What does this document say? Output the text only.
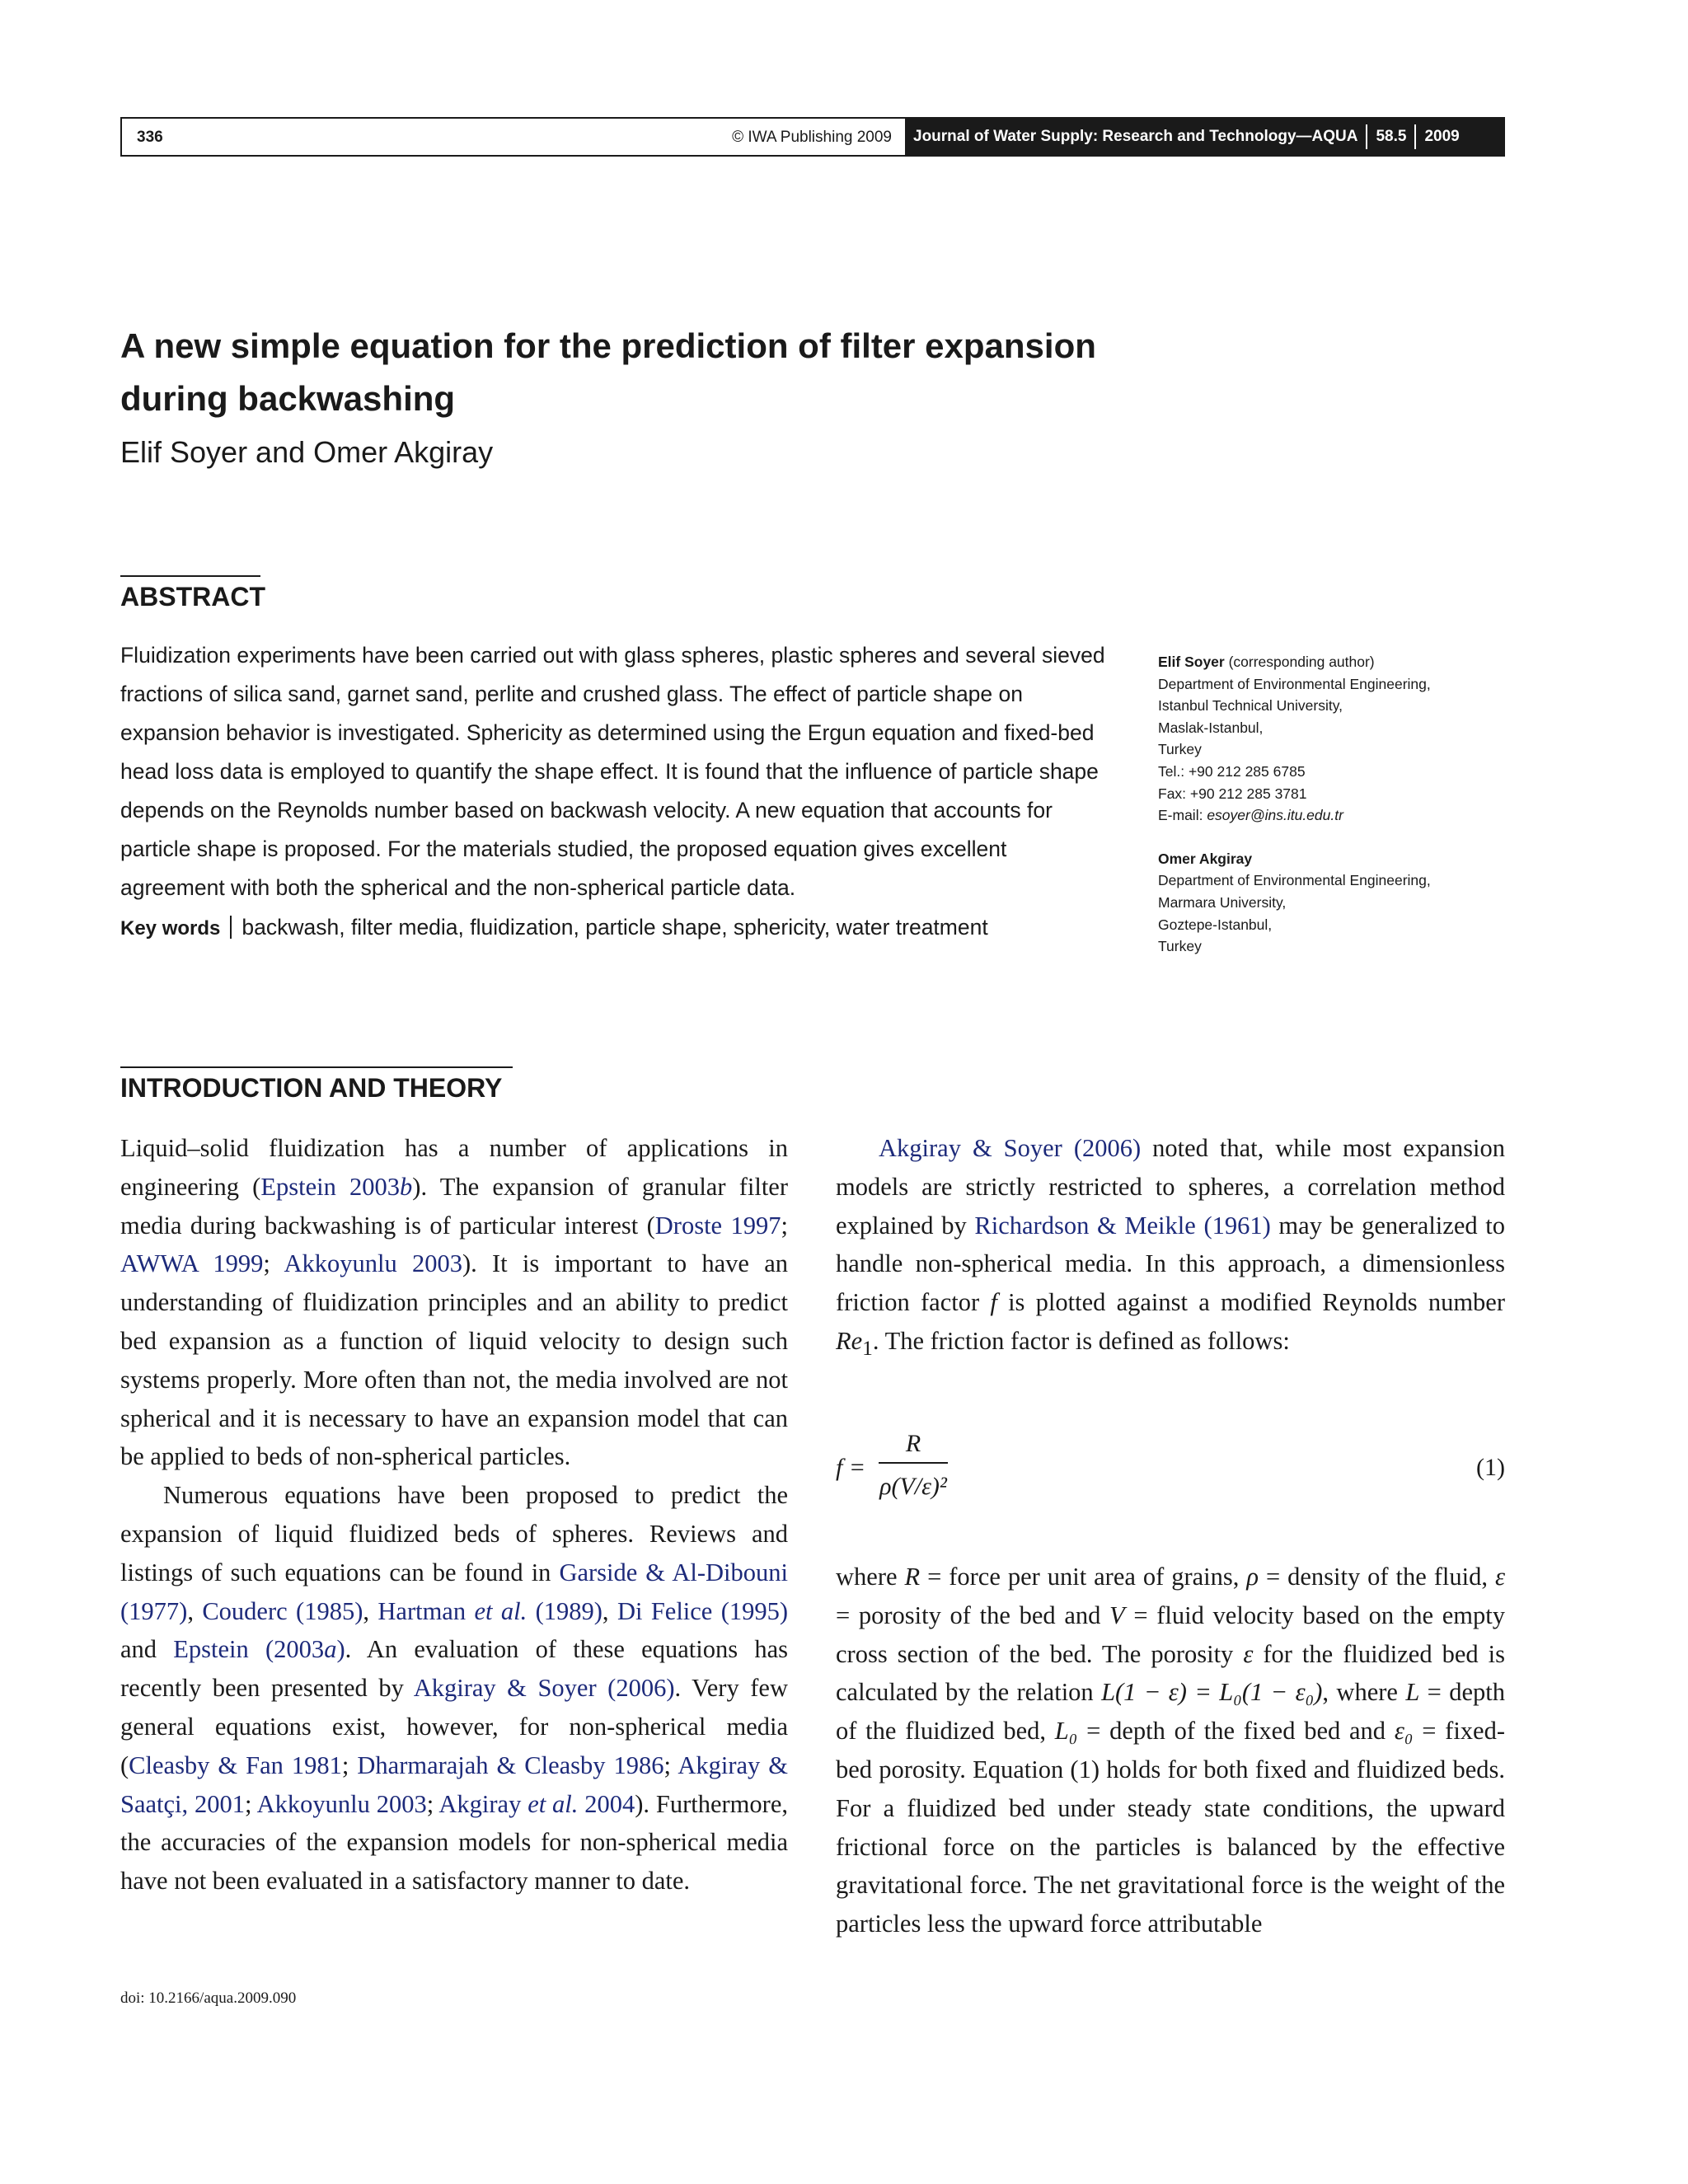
336	© IWA Publishing 2009	Journal of Water Supply: Research and Technology—AQUA	58.5	2009
A new simple equation for the prediction of filter expansion during backwashing
Elif Soyer and Omer Akgiray
ABSTRACT

Fluidization experiments have been carried out with glass spheres, plastic spheres and several sieved fractions of silica sand, garnet sand, perlite and crushed glass. The effect of particle shape on expansion behavior is investigated. Sphericity as determined using the Ergun equation and fixed-bed head loss data is employed to quantify the shape effect. It is found that the influence of particle shape depends on the Reynolds number based on backwash velocity. A new equation that accounts for particle shape is proposed. For the materials studied, the proposed equation gives excellent agreement with both the spherical and the non-spherical particle data.

Key words backwash, filter media, fluidization, particle shape, sphericity, water treatment
Elif Soyer (corresponding author)
Department of Environmental Engineering,
Istanbul Technical University,
Maslak-Istanbul,
Turkey
Tel.: +90 212 285 6785
Fax: +90 212 285 3781
E-mail: esoyer@ins.itu.edu.tr
Omer Akgiray
Department of Environmental Engineering,
Marmara University,
Goztepe-Istanbul,
Turkey
INTRODUCTION AND THEORY

Liquid–solid fluidization has a number of applications in engineering (Epstein 2003b). The expansion of granular filter media during backwashing is of particular interest (Droste 1997; AWWA 1999; Akkoyunlu 2003). It is important to have an understanding of fluidization principles and an ability to predict bed expansion as a function of liquid velocity to design such systems properly. More often than not, the media involved are not spherical and it is necessary to have an expansion model that can be applied to beds of non-spherical particles.

Numerous equations have been proposed to predict the expansion of liquid fluidized beds of spheres. Reviews and listings of such equations can be found in Garside & Al-Dibouni (1977), Couderc (1985), Hartman et al. (1989), Di Felice (1995) and Epstein (2003a). An evaluation of these equations has recently been presented by Akgiray & Soyer (2006). Very few general equations exist, however, for non-spherical media (Cleasby & Fan 1981; Dharmarajah & Cleasby 1986; Akgiray & Saatçi, 2001; Akkoyunlu 2003; Akgiray et al. 2004). Furthermore, the accuracies of the expansion models for non-spherical media have not been evaluated in a satisfactory manner to date.

Akgiray & Soyer (2006) noted that, while most expansion models are strictly restricted to spheres, a correlation method explained by Richardson & Meikle (1961) may be generalized to handle non-spherical media. In this approach, a dimensionless friction factor f is plotted against a modified Reynolds number $Re_1$. The friction factor is defined as follows:

f =
R
ρ(V/ε)²
(1)

where R = force per unit area of grains, ρ = density of the fluid, ε = porosity of the bed and V = fluid velocity based on the empty cross section of the bed. The porosity ε for the fluidized bed is calculated by the relation L(1 − ε) = L₀(1 − ε₀), where L = depth of the fluidized bed, L₀ = depth of the fixed bed and ε₀ = fixed-bed porosity. Equation (1) holds for both fixed and fluidized beds. For a fluidized bed under steady state conditions, the upward frictional force on the particles is balanced by the effective gravitational force. The net gravitational force is the weight of the particles less the upward force attributable

doi: 10.2166/aqua.2009.090
